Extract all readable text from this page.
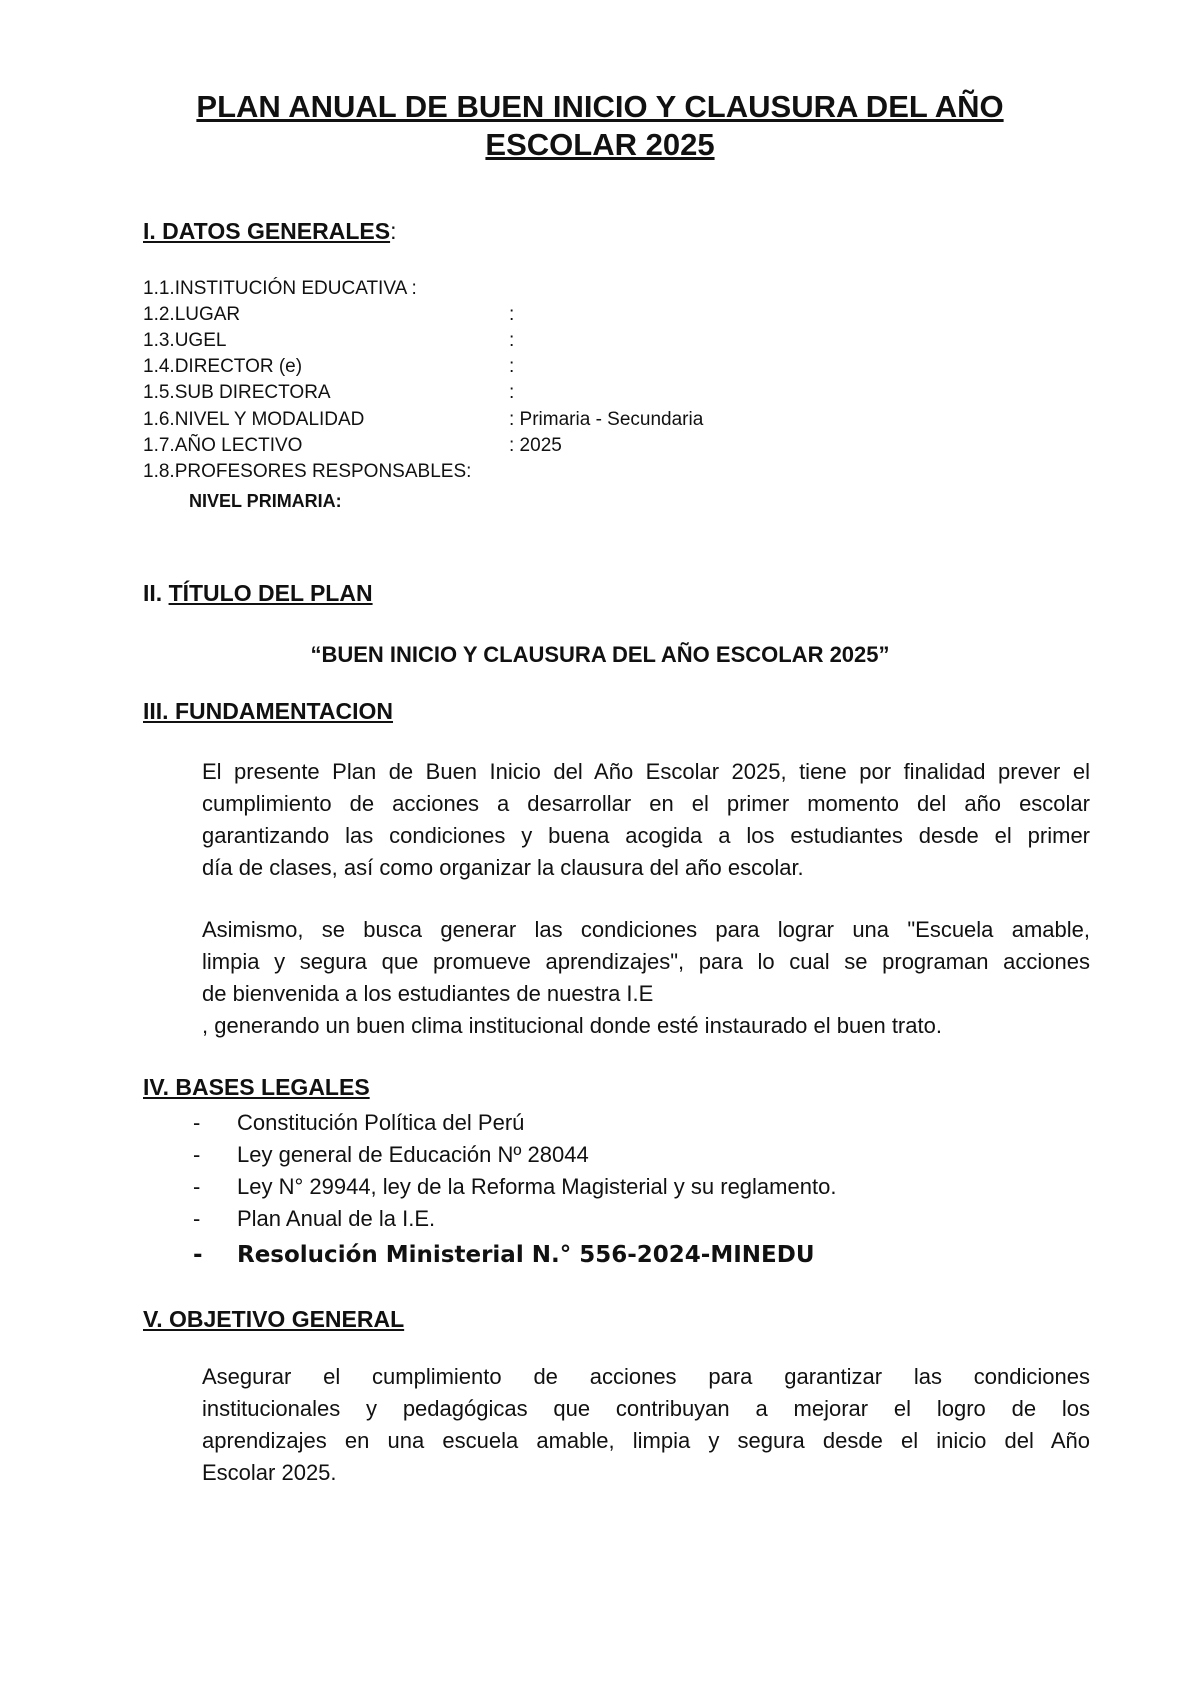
PLAN ANUAL DE BUEN INICIO Y CLAUSURA DEL AÑO
ESCOLAR 2025
I. DATOS GENERALES:
1.1.INSTITUCIÓN EDUCATIVA :
1.2.LUGAR	:
1.3.UGEL	:
1.4.DIRECTOR (e)	:
1.5.SUB DIRECTORA	:
1.6.NIVEL Y MODALIDAD	: Primaria - Secundaria
1.7.AÑO LECTIVO	: 2025
1.8.PROFESORES RESPONSABLES:
NIVEL PRIMARIA:
II. TÍTULO DEL PLAN

“BUEN INICIO Y CLAUSURA DEL AÑO ESCOLAR 2025”

III. FUNDAMENTACION
El presente Plan de Buen Inicio del Año Escolar 2025, tiene por finalidad prever el
cumplimiento de acciones a desarrollar en el primer momento del año escolar
garantizando las condiciones y buena acogida a los estudiantes desde el primer
día de clases, así como organizar la clausura del año escolar.
Asimismo, se busca generar las condiciones para lograr una "Escuela amable,
limpia y segura que promueve aprendizajes", para lo cual se programan acciones
de bienvenida a los estudiantes de nuestra I.E
, generando un buen clima institucional donde esté instaurado el buen trato.
IV. BASES LEGALES
- Constitución Política del Perú
- Ley general de Educación Nº 28044
- Ley N° 29944, ley de la Reforma Magisterial y su reglamento.
- Plan Anual de la I.E.
- Resolución Ministerial N.° 556-2024-MINEDU
V. OBJETIVO GENERAL
Asegurar el cumplimiento de acciones para garantizar las condiciones
institucionales y pedagógicas que contribuyan a mejorar el logro de los
aprendizajes en una escuela amable, limpia y segura desde el inicio del Año
Escolar 2025.
